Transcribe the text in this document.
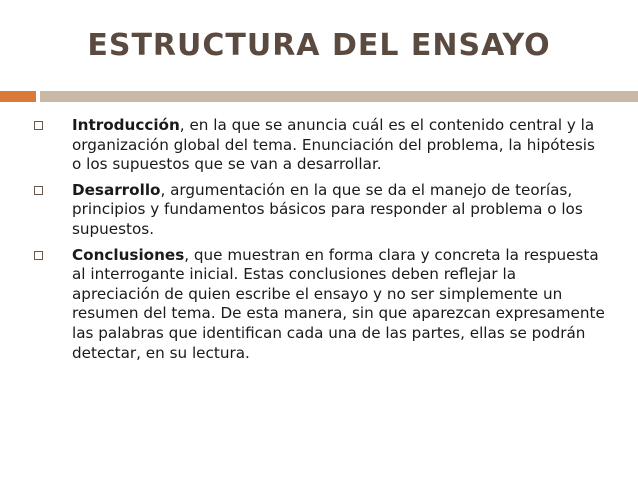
ESTRUCTURA DEL ENSAYO
Introducción, en la que se anuncia cuál es el contenido central y la organización global del tema. Enunciación del problema, la hipótesis o los supuestos que se van a desarrollar.
Desarrollo, argumentación en la que se da el manejo de teorías, principios y fundamentos básicos para responder al problema o los supuestos.
Conclusiones, que muestran en forma clara y concreta la respuesta al interrogante inicial. Estas conclusiones deben reflejar la apreciación de quien escribe el ensayo y no ser simplemente un resumen del tema. De esta manera, sin que aparezcan expresamente las palabras que identifican cada una de las partes, ellas se podrán detectar, en su lectura.
